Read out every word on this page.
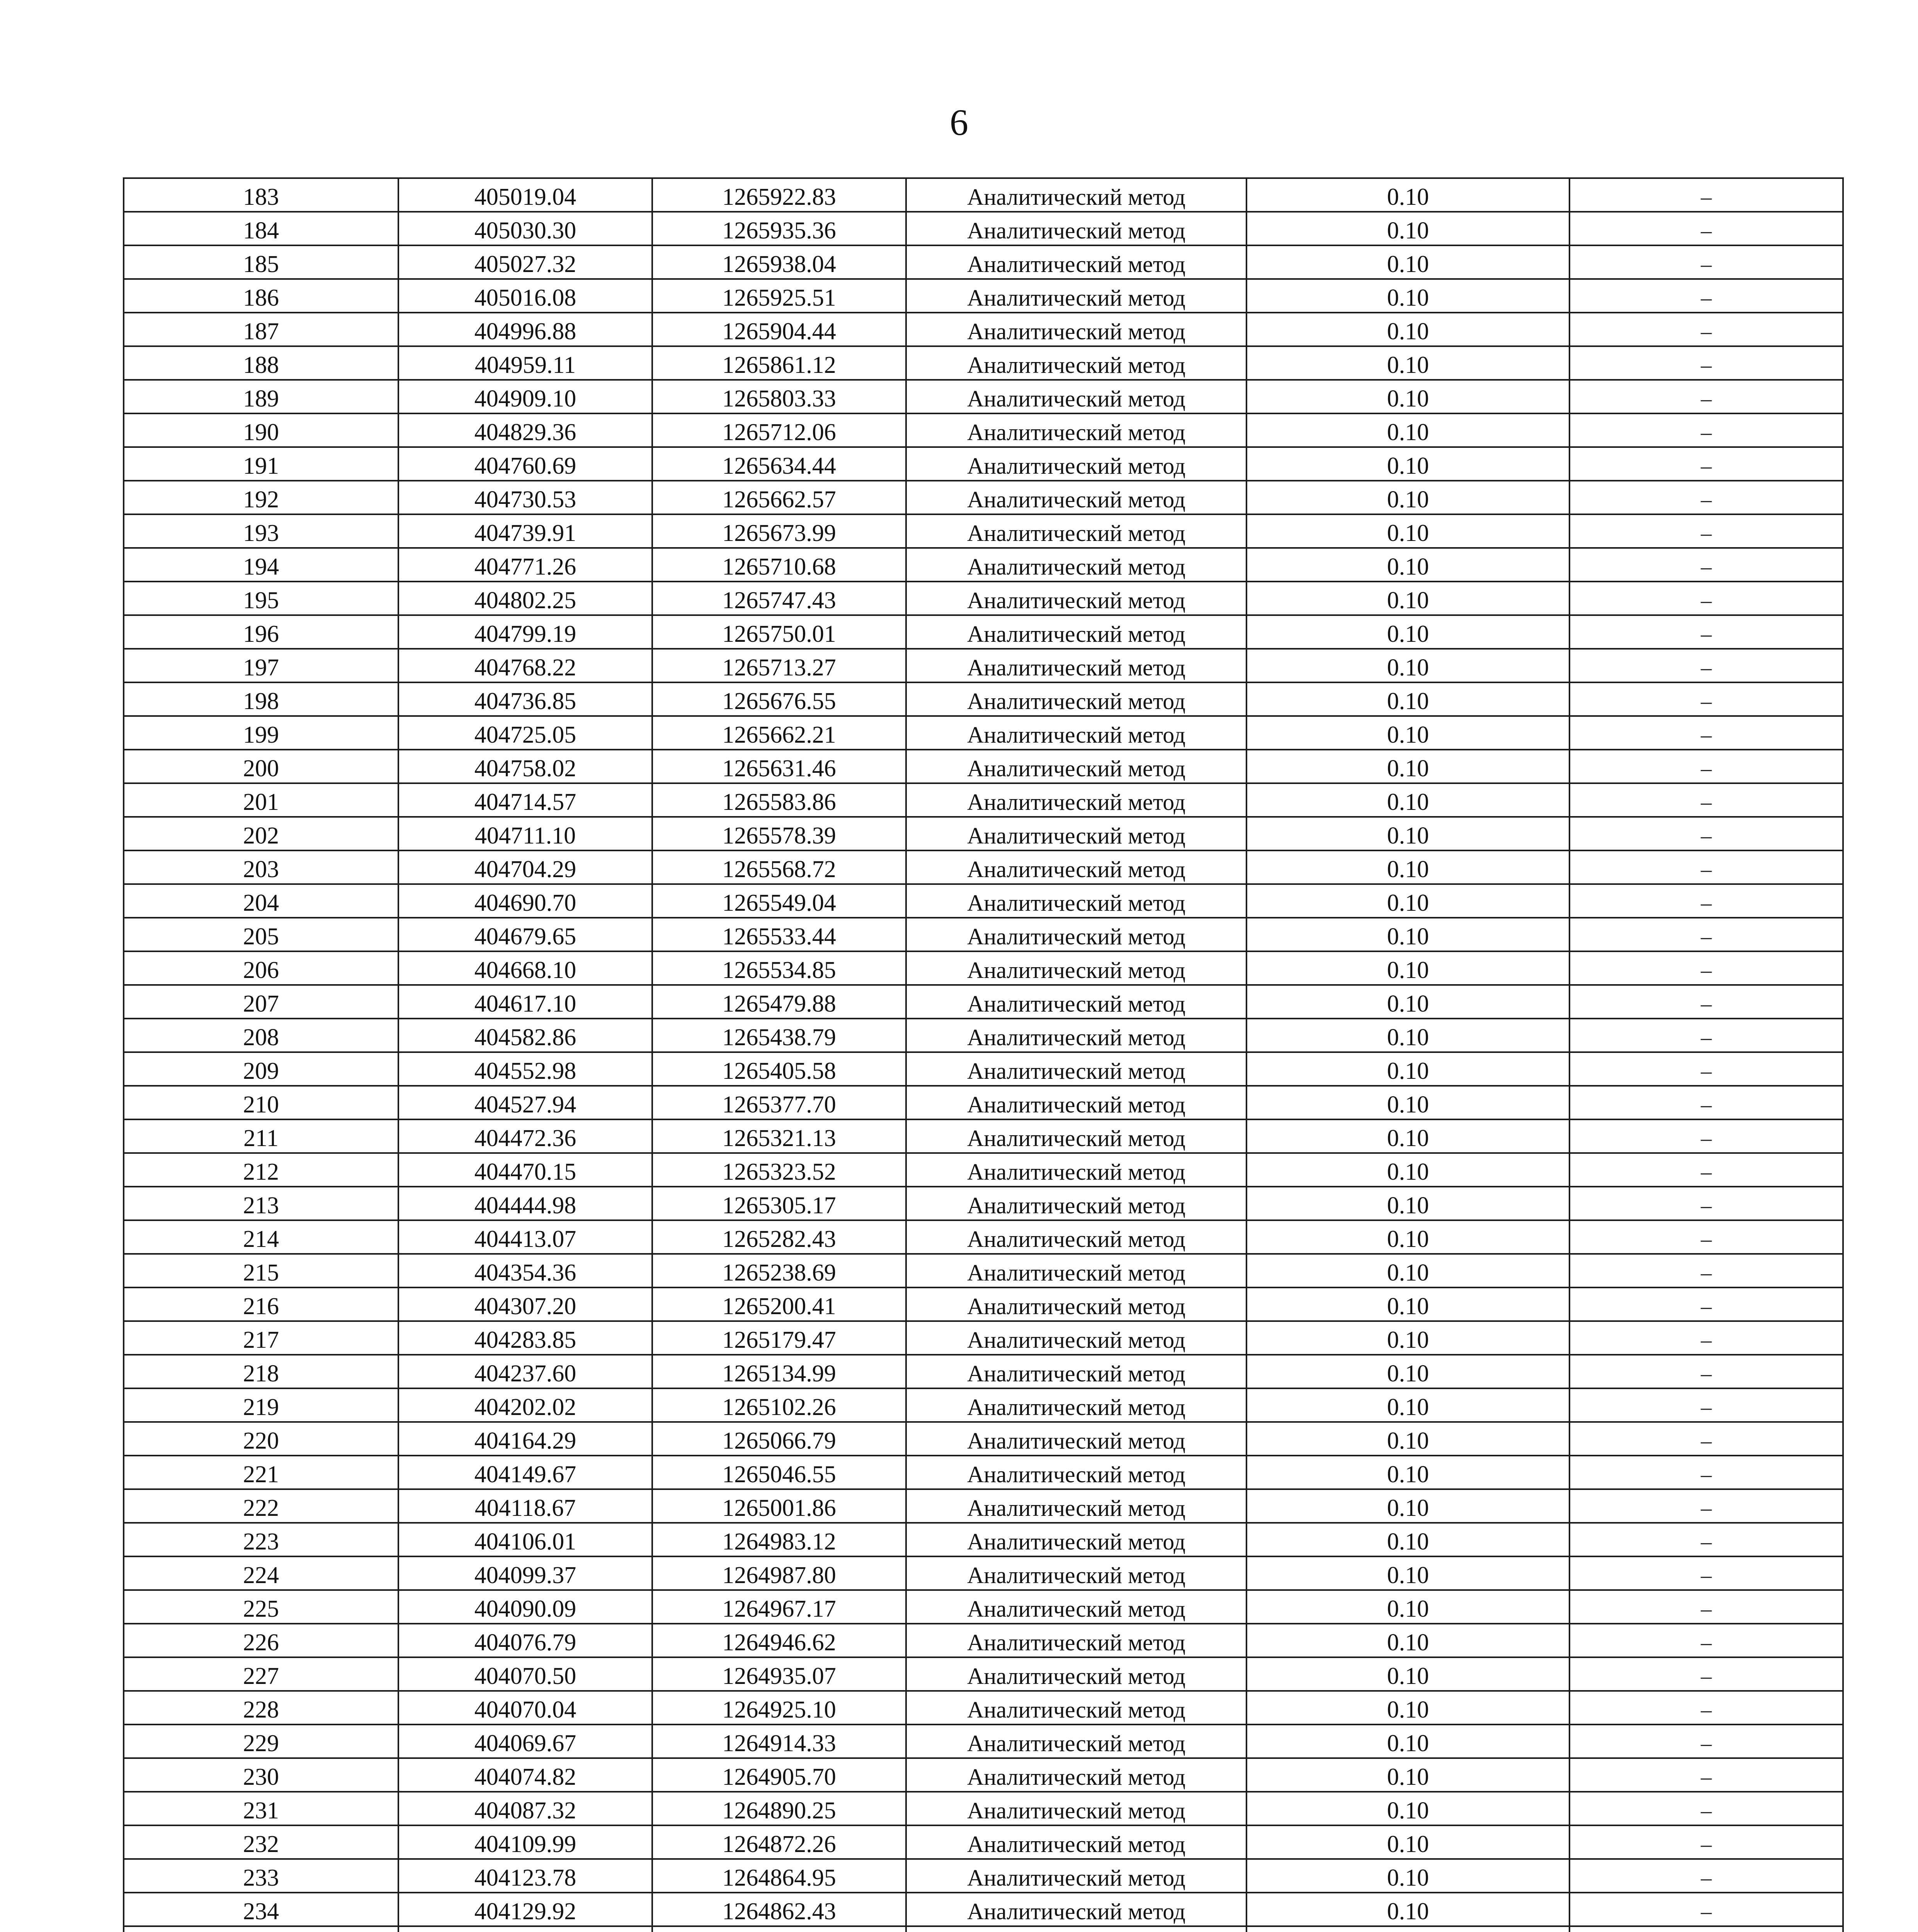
6
183	405019.04	1265922.83	Аналитический метод	0.10	–
184	405030.30	1265935.36	Аналитический метод	0.10	–
185	405027.32	1265938.04	Аналитический метод	0.10	–
186	405016.08	1265925.51	Аналитический метод	0.10	–
187	404996.88	1265904.44	Аналитический метод	0.10	–
188	404959.11	1265861.12	Аналитический метод	0.10	–
189	404909.10	1265803.33	Аналитический метод	0.10	–
190	404829.36	1265712.06	Аналитический метод	0.10	–
191	404760.69	1265634.44	Аналитический метод	0.10	–
192	404730.53	1265662.57	Аналитический метод	0.10	–
193	404739.91	1265673.99	Аналитический метод	0.10	–
194	404771.26	1265710.68	Аналитический метод	0.10	–
195	404802.25	1265747.43	Аналитический метод	0.10	–
196	404799.19	1265750.01	Аналитический метод	0.10	–
197	404768.22	1265713.27	Аналитический метод	0.10	–
198	404736.85	1265676.55	Аналитический метод	0.10	–
199	404725.05	1265662.21	Аналитический метод	0.10	–
200	404758.02	1265631.46	Аналитический метод	0.10	–
201	404714.57	1265583.86	Аналитический метод	0.10	–
202	404711.10	1265578.39	Аналитический метод	0.10	–
203	404704.29	1265568.72	Аналитический метод	0.10	–
204	404690.70	1265549.04	Аналитический метод	0.10	–
205	404679.65	1265533.44	Аналитический метод	0.10	–
206	404668.10	1265534.85	Аналитический метод	0.10	–
207	404617.10	1265479.88	Аналитический метод	0.10	–
208	404582.86	1265438.79	Аналитический метод	0.10	–
209	404552.98	1265405.58	Аналитический метод	0.10	–
210	404527.94	1265377.70	Аналитический метод	0.10	–
211	404472.36	1265321.13	Аналитический метод	0.10	–
212	404470.15	1265323.52	Аналитический метод	0.10	–
213	404444.98	1265305.17	Аналитический метод	0.10	–
214	404413.07	1265282.43	Аналитический метод	0.10	–
215	404354.36	1265238.69	Аналитический метод	0.10	–
216	404307.20	1265200.41	Аналитический метод	0.10	–
217	404283.85	1265179.47	Аналитический метод	0.10	–
218	404237.60	1265134.99	Аналитический метод	0.10	–
219	404202.02	1265102.26	Аналитический метод	0.10	–
220	404164.29	1265066.79	Аналитический метод	0.10	–
221	404149.67	1265046.55	Аналитический метод	0.10	–
222	404118.67	1265001.86	Аналитический метод	0.10	–
223	404106.01	1264983.12	Аналитический метод	0.10	–
224	404099.37	1264987.80	Аналитический метод	0.10	–
225	404090.09	1264967.17	Аналитический метод	0.10	–
226	404076.79	1264946.62	Аналитический метод	0.10	–
227	404070.50	1264935.07	Аналитический метод	0.10	–
228	404070.04	1264925.10	Аналитический метод	0.10	–
229	404069.67	1264914.33	Аналитический метод	0.10	–
230	404074.82	1264905.70	Аналитический метод	0.10	–
231	404087.32	1264890.25	Аналитический метод	0.10	–
232	404109.99	1264872.26	Аналитический метод	0.10	–
233	404123.78	1264864.95	Аналитический метод	0.10	–
234	404129.92	1264862.43	Аналитический метод	0.10	–
